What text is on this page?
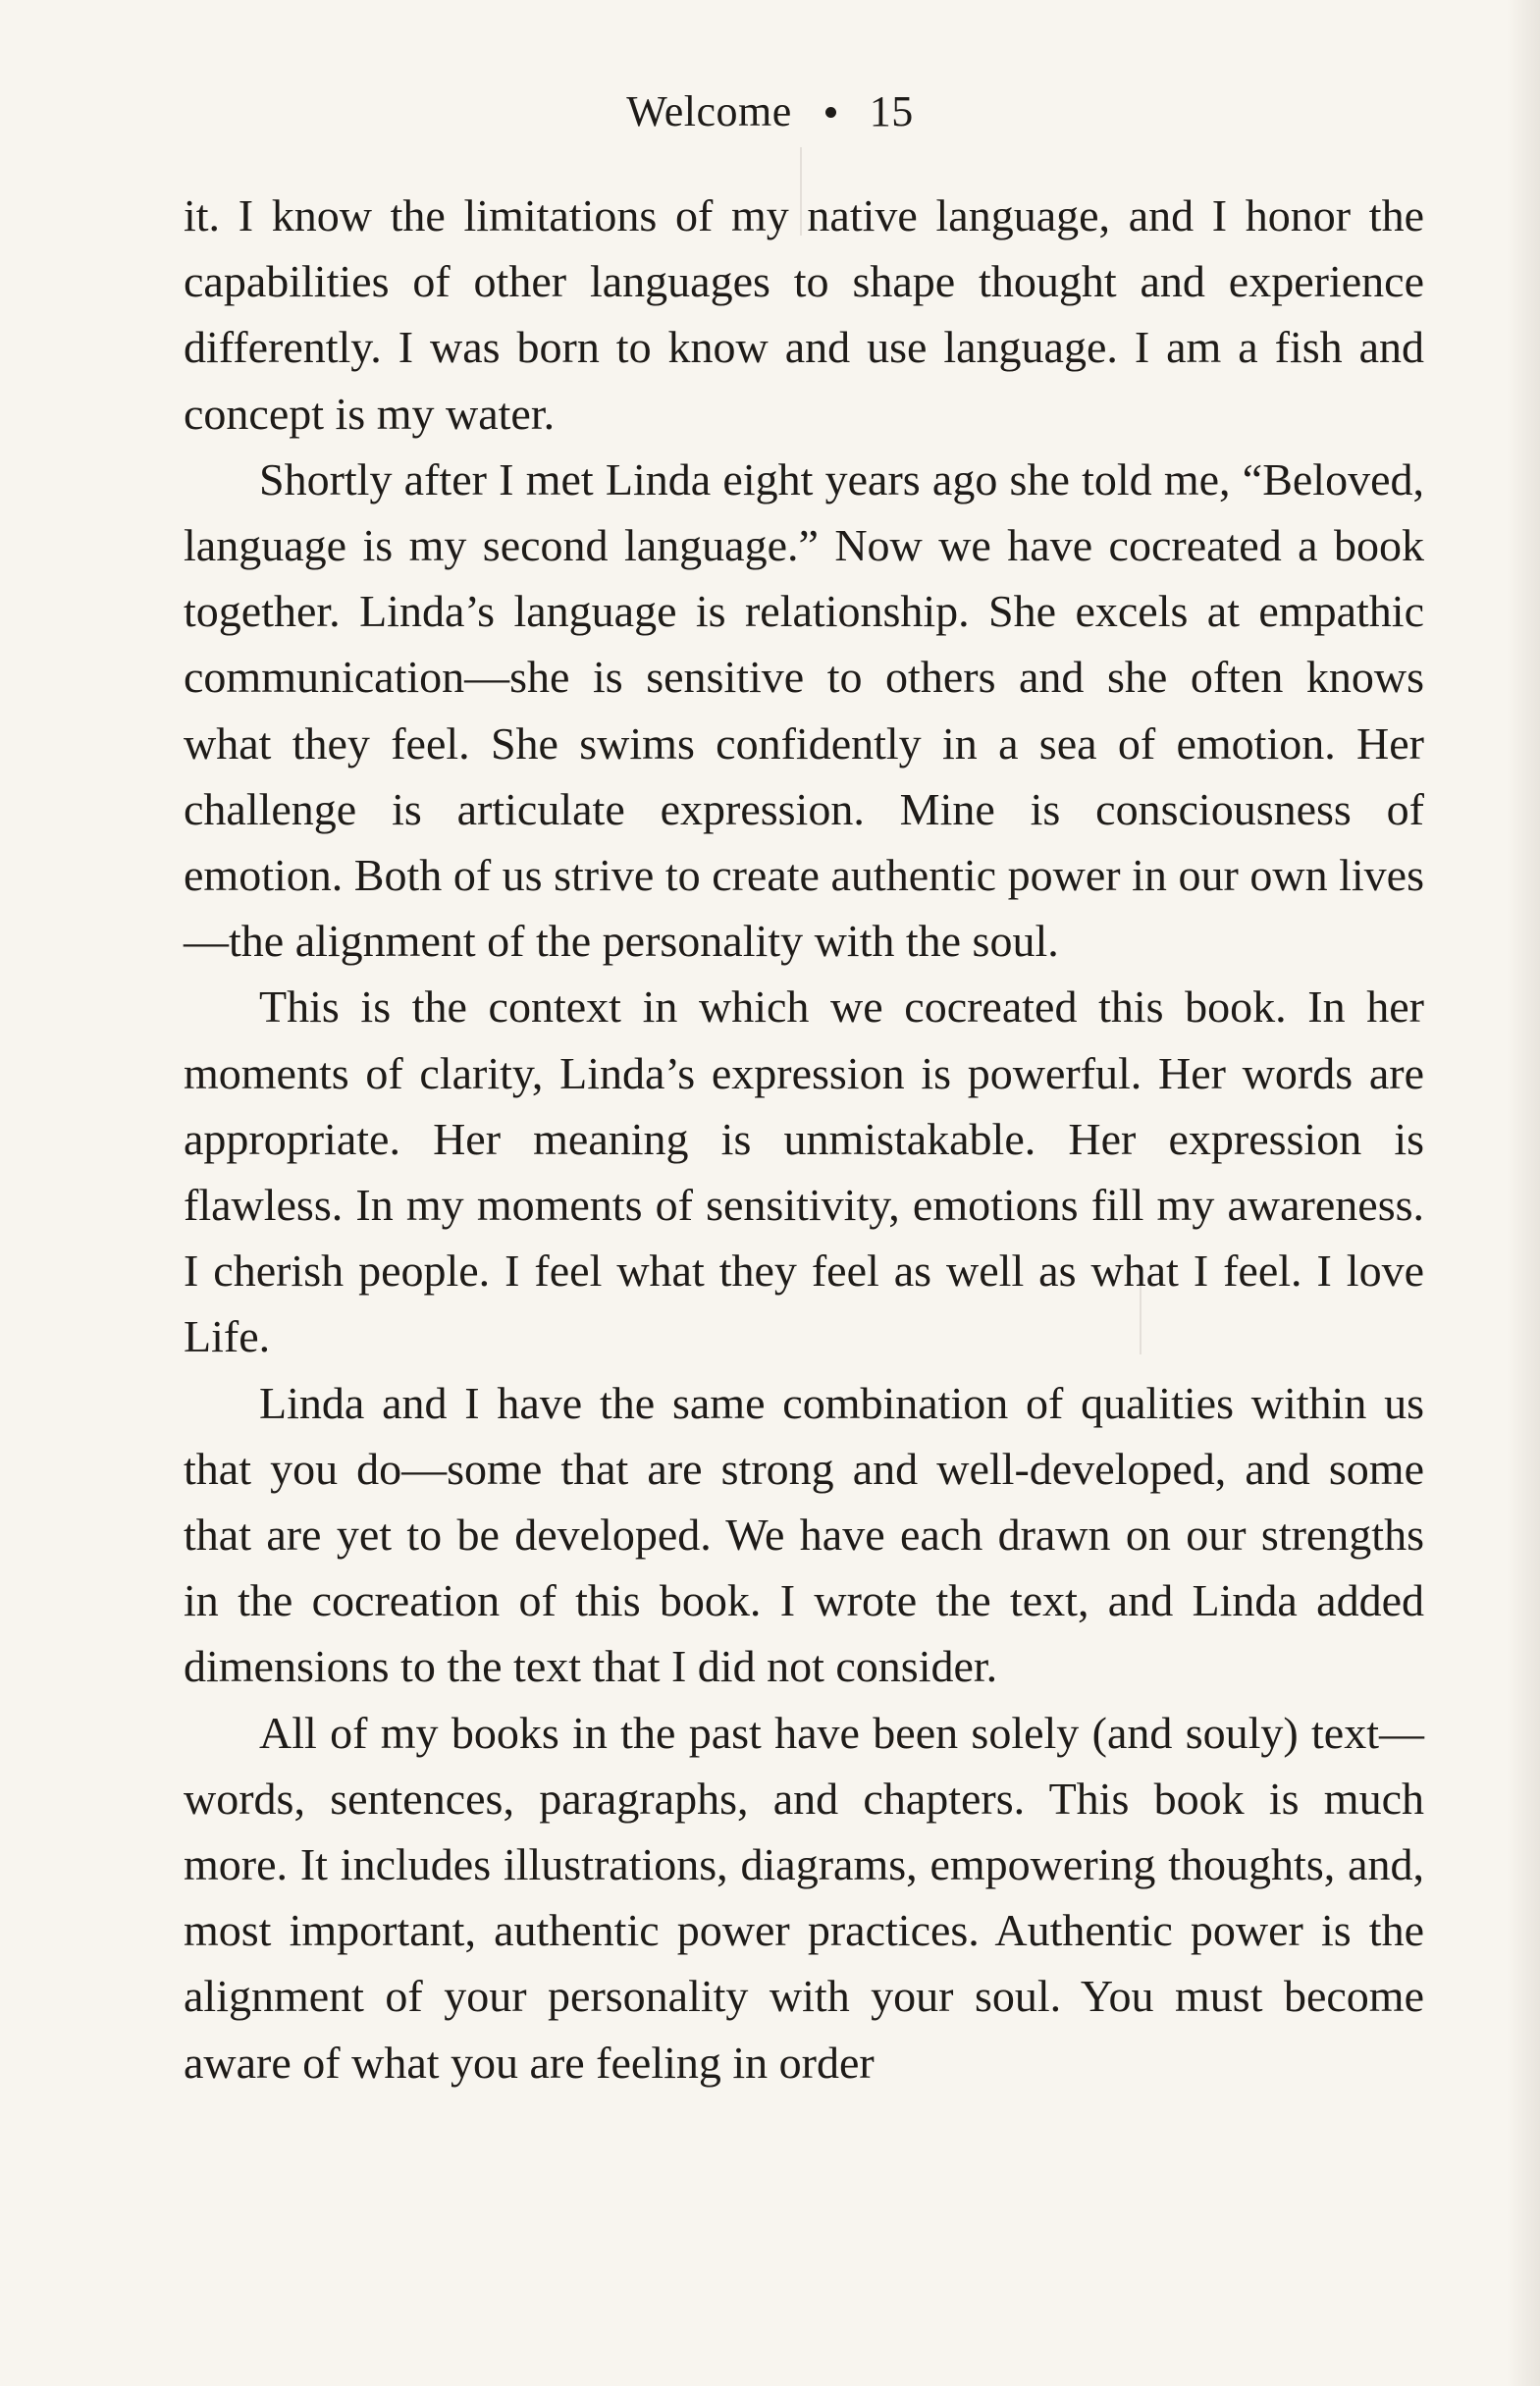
Welcome 15

it. I know the limitations of my native language, and I honor the capabilities of other languages to shape thought and experience differently. I was born to know and use language. I am a fish and concept is my water.

Shortly after I met Linda eight years ago she told me, “Beloved, language is my second language.” Now we have cocreated a book together. Linda’s language is relationship. She excels at empathic communication—she is sensitive to others and she often knows what they feel. She swims confidently in a sea of emotion. Her challenge is articulate expression. Mine is consciousness of emotion. Both of us strive to create authentic power in our own lives—the alignment of the personality with the soul.

This is the context in which we cocreated this book. In her moments of clarity, Linda’s expression is powerful. Her words are appropriate. Her meaning is unmistakable. Her expression is flawless. In my moments of sensitivity, emotions fill my awareness. I cherish people. I feel what they feel as well as what I feel. I love Life.

Linda and I have the same combination of qualities within us that you do—some that are strong and well-developed, and some that are yet to be developed. We have each drawn on our strengths in the cocreation of this book. I wrote the text, and Linda added dimensions to the text that I did not consider.

All of my books in the past have been solely (and souly) text—words, sentences, paragraphs, and chapters. This book is much more. It includes illustrations, diagrams, empowering thoughts, and, most important, authentic power practices. Authentic power is the alignment of your personality with your soul. You must become aware of what you are feeling in order
